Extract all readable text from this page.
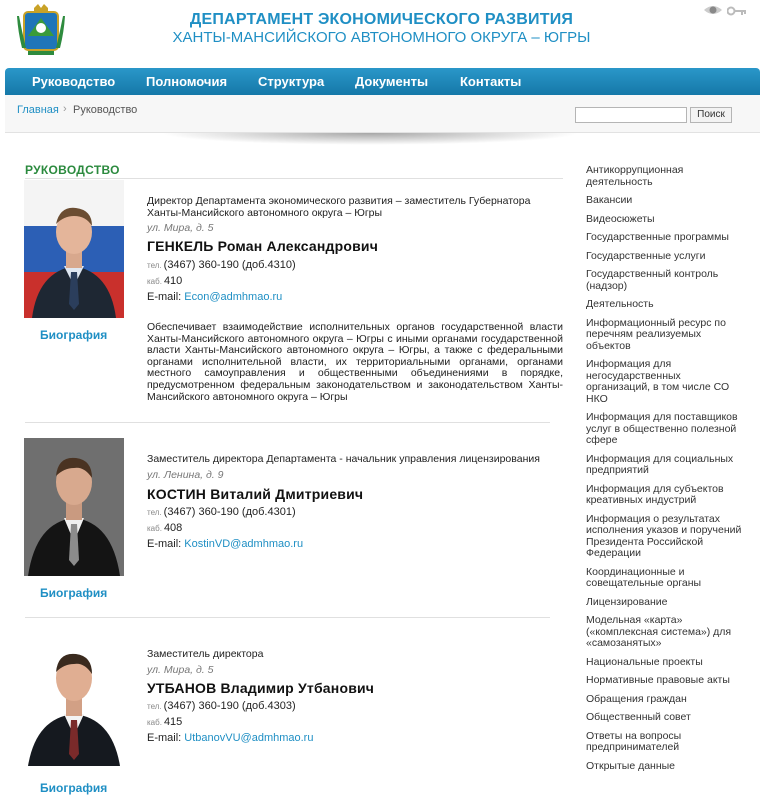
ДЕПАРТАМЕНТ ЭКОНОМИЧЕСКОГО РАЗВИТИЯ
ХАНТЫ-МАНСИЙСКОГО АВТОНОМНОГО ОКРУГА – ЮГРЫ
Руководство Полномочия Структура Документы Контакты
Главная › Руководство	Поиск
РУКОВОДСТВО
Директор Департамента экономического развития – заместитель Губернатора Ханты-Мансийского автономного округа – Югры
ул. Мира, д. 5
ГЕНКЕЛЬ Роман Александрович
тел. (3467) 360-190 (доб.4310)
каб. 410
E-mail: Econ@admhmao.ru
Биография
Обеспечивает взаимодействие исполнительных органов государственной власти Ханты-Мансийского автономного округа – Югры с иными органами государственной власти Ханты-Мансийского автономного округа – Югры, а также с федеральными органами исполнительной власти, их территориальными органами, органами местного самоуправления и общественными объединениями в порядке, предусмотренном федеральным законодательством и законодательством Ханты-Мансийского автономного округа – Югры
Заместитель директора Департамента - начальник управления лицензирования
ул. Ленина, д. 9
КОСТИН Виталий Дмитриевич
тел. (3467) 360-190 (доб.4301)
каб. 408
E-mail: KostinVD@admhmao.ru
Биография
Заместитель директора
ул. Мира, д. 5
УТБАНОВ Владимир Утбанович
тел. (3467) 360-190 (доб.4303)
каб. 415
E-mail: UtbanovVU@admhmao.ru
Биография
Антикоррупционная деятельность
Вакансии
Видеосюжеты
Государственные программы
Государственные услуги
Государственный контроль (надзор)
Деятельность
Информационный ресурс по перечням реализуемых объектов
Информация для негосударственных организаций, в том числе СО НКО
Информация для поставщиков услуг в общественно полезной сфере
Информация для социальных предприятий
Информация для субъектов креативных индустрий
Информация о результатах исполнения указов и поручений Президента Российской Федерации
Координационные и совещательные органы
Лицензирование
Модельная «карта» («комплексная система») для «самозанятых»
Национальные проекты
Нормативные правовые акты
Обращения граждан
Общественный совет
Ответы на вопросы предпринимателей
Открытые данные
